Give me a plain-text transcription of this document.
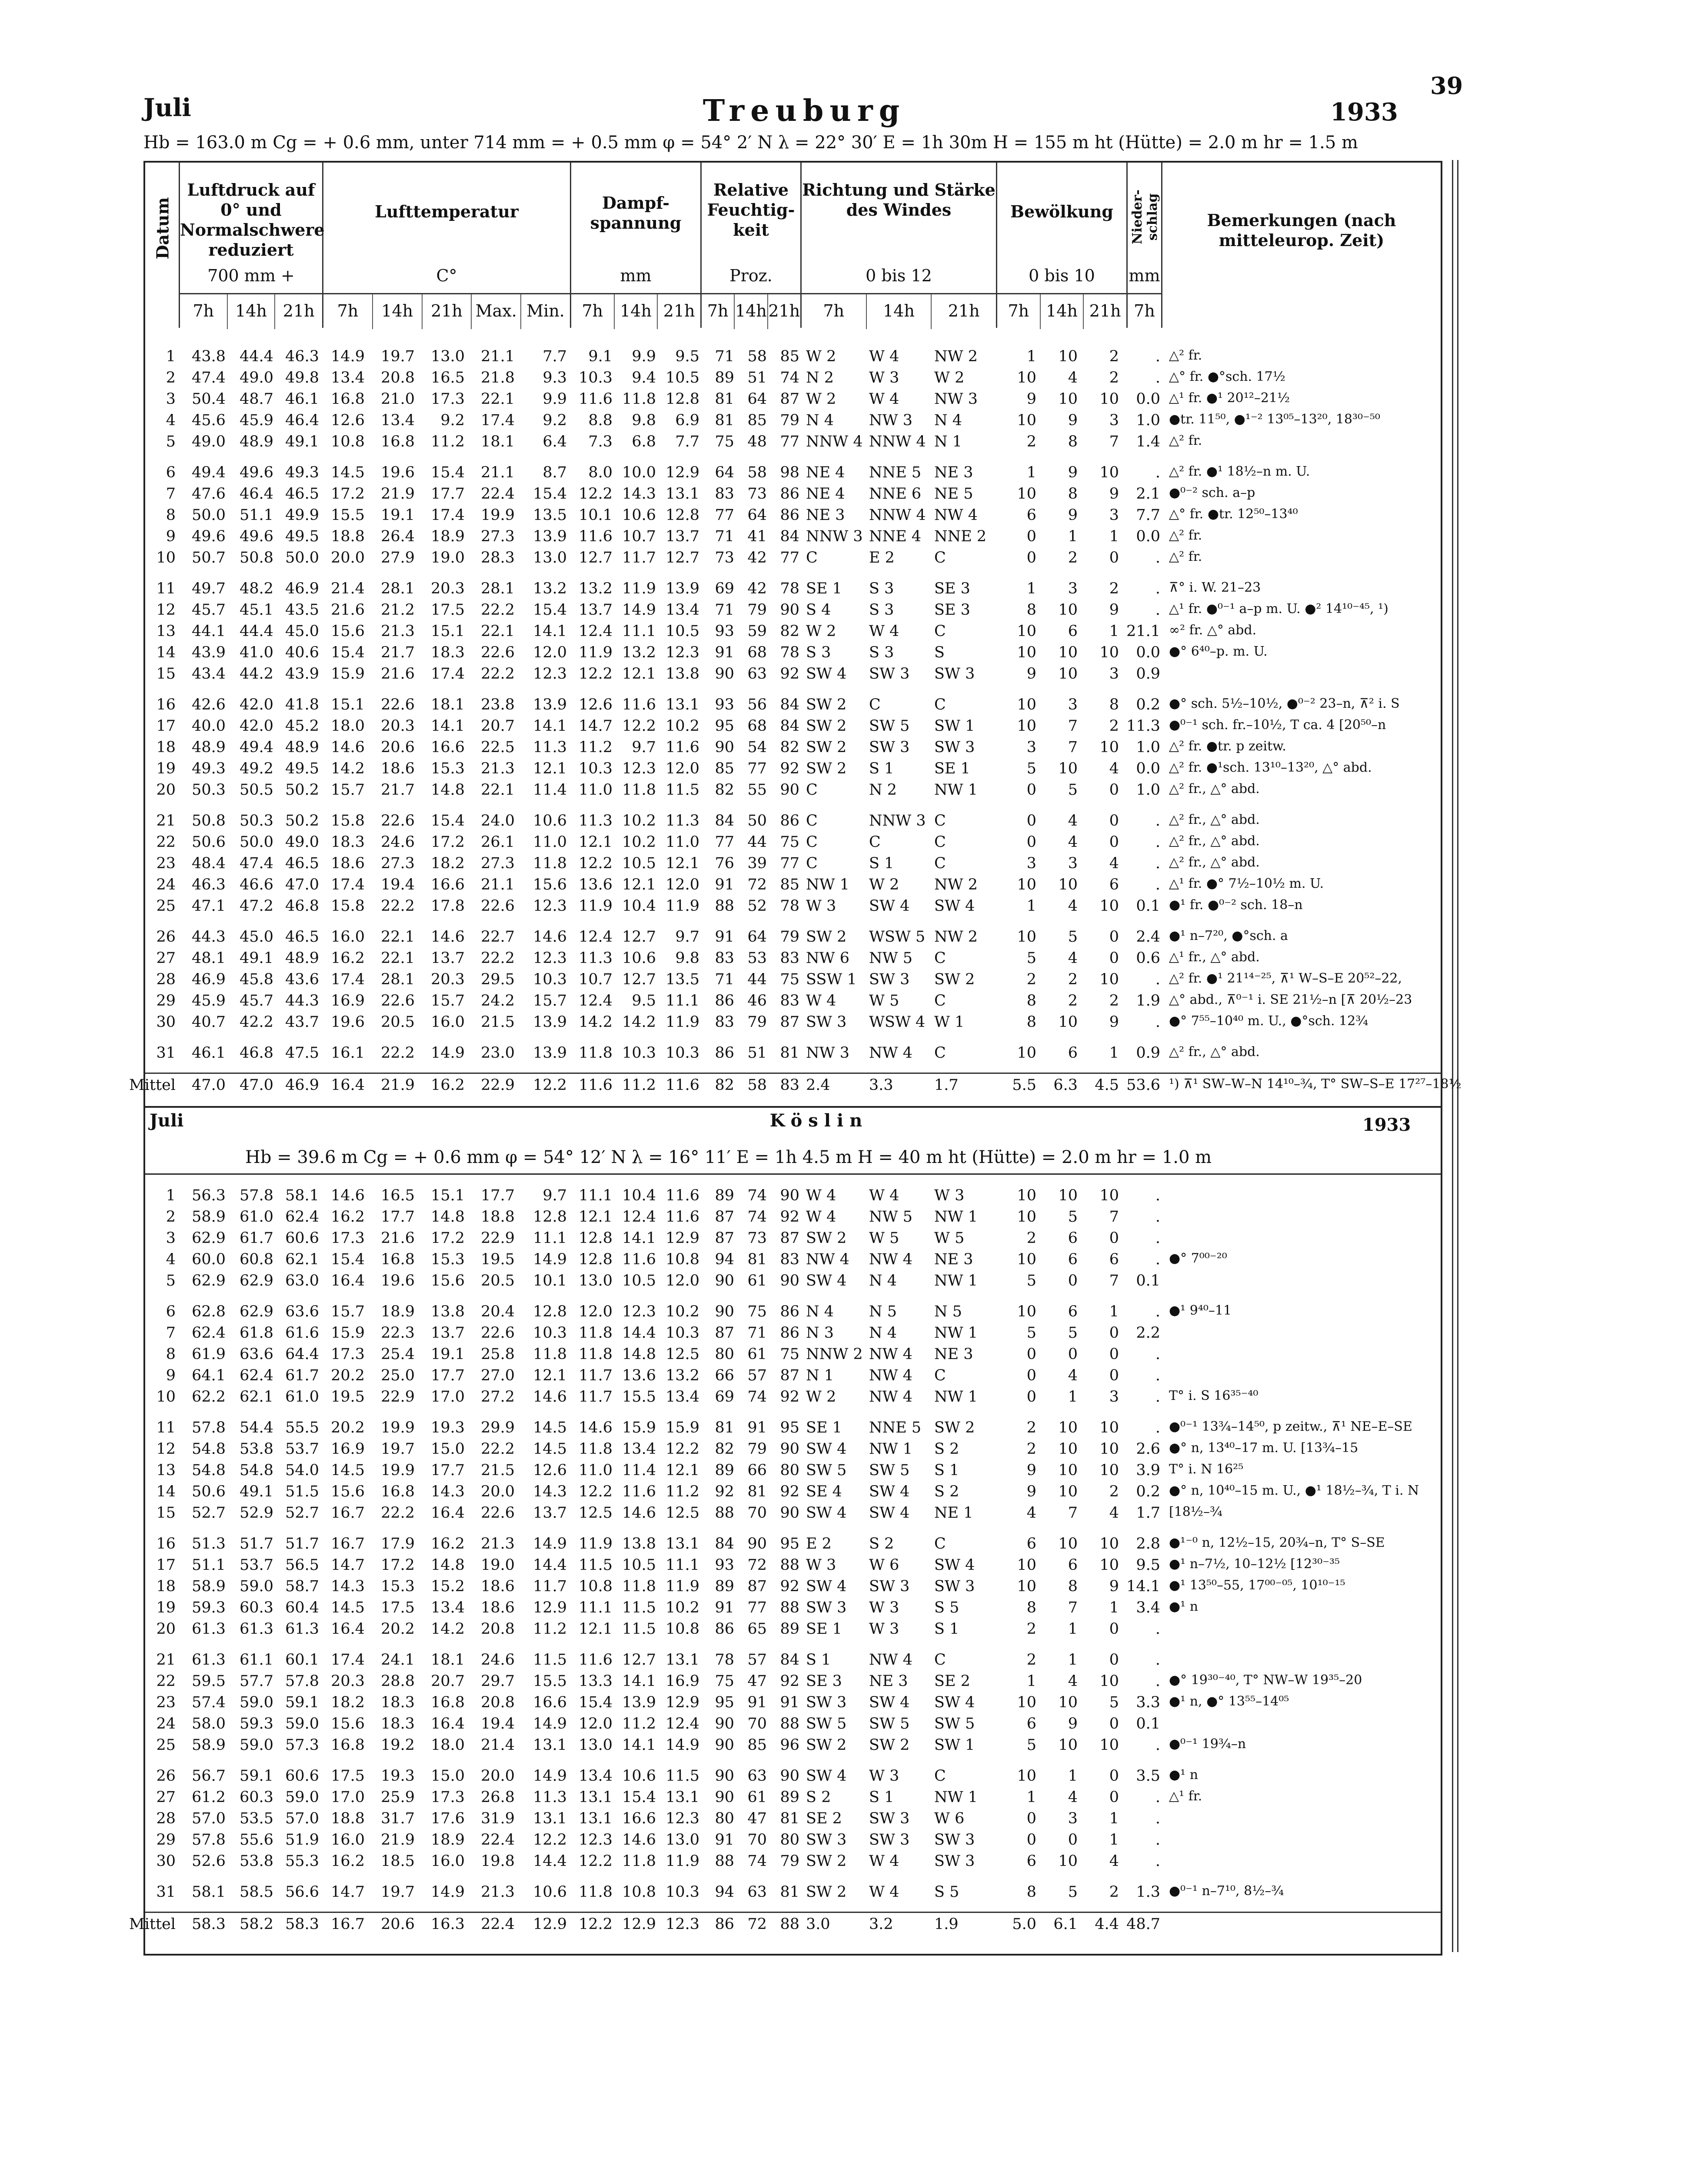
39
Juli	Treuburg	1933
Hb = 163.0 m Cg = + 0.6 mm, unter 714 mm = + 0.5 mm φ = 54° 2′ N λ = 22° 30′ E = 1h 30m H = 155 m ht (Hütte) = 2.0 m hr = 1.5 m
Datum
Luftdruck auf 0° und Normalschwere reduziert
700 mm +
7h	14h 21h
Lufttemperatur
C°
7h	14h	21h Max. Min.
Dampf-spannung
mm
7h	14h 21h
Relative Feuchtig-keit
Proz.
7h 14h 21h
Richtung und Stärke des Windes
0 bis 12
7h	14h	21h
Bewölkung
0 bis 10
7h	14h 21h
Nieder-schlag
mm
7h
Bemerkungen (nach mitteleurop. Zeit)
1 43.8 44.4 46.3 14.9 19.7 13.0 21.1 7.7 9.1 9.9 9.5 71 58 85 W 2 W 4 NW 2	1 10 2 . △² fr.
2 47.4 49.0 49.8 13.4 20.8 16.5 21.8 9.3 10.3 9.4 10.5 89 51 74 N 2 W 3 W 2	10 4 2 . △° fr. ●°sch. 17½
3 50.4 48.7 46.1 16.8 21.0 17.3 22.1 9.9 11.6 11.8 12.8 81 64 87 W 2 W 4 NW 3	9 10 10 0.0 △¹ fr. ●¹ 20¹²–21½
4 45.6 45.9 46.4 12.6 13.4 9.2 17.4 9.2 8.8 9.8 6.9 81 85 79 N 4 NW 3 N 4	10 9 3 1.0 ●tr. 11⁵⁰, ●¹⁻² 13⁰⁵–13²⁰, 18³⁰⁻⁵⁰
5 49.0 48.9 49.1 10.8 16.8 11.2 18.1 6.4 7.3 6.8 7.7 75 48 77 NNW 4 NNW 4 N 1	2 8 7 1.4 △² fr.
6 49.4 49.6 49.3 14.5 19.6 15.4 21.1 8.7 8.0 10.0 12.9 64 58 98 NE 4 NNE 5 NE 3	1 9 10 . △² fr. ●¹ 18½–n m. U.
7 47.6 46.4 46.5 17.2 21.9 17.7 22.4 15.4 12.2 14.3 13.1 83 73 86 NE 4 NNE 6 NE 5	10 8 9 2.1 ●⁰⁻² sch. a–p
8 50.0 51.1 49.9 15.5 19.1 17.4 19.9 13.5 10.1 10.6 12.8 77 64 86 NE 3 NNW 4 NW 4	6 9 3 7.7 △° fr. ●tr. 12⁵⁰–13⁴⁰
9 49.6 49.6 49.5 18.8 26.4 18.9 27.3 13.9 11.6 10.7 13.7 71 41 84 NNW 3 NNE 4 NNE 2	0 1 1 0.0 △² fr.
10 50.7 50.8 50.0 20.0 27.9 19.0 28.3 13.0 12.7 11.7 12.7 73 42 77 C	E 2	C	0 2 0 . △² fr.
11 49.7 48.2 46.9 21.4 28.1 20.3 28.1 13.2 13.2 11.9 13.9 69 42 78 SE 1 S 3	SE 3	1 3 2 . ⊼° i. W. 21–23
12 45.7 45.1 43.5 21.6 21.2 17.5 22.2 15.4 13.7 14.9 13.4 71 79 90 S 4	S 3	SE 3	8 10 9 . △¹ fr. ●⁰⁻¹ a–p m. U. ●² 14¹⁰⁻⁴⁵, ¹)
13 44.1 44.4 45.0 15.6 21.3 15.1 22.1 14.1 12.4 11.1 10.5 93 59 82 W 2 W 4 C	10 6 1 21.1 ∞² fr. △° abd.
14 43.9 41.0 40.6 15.4 21.7 18.3 22.6 12.0 11.9 13.2 12.3 91 68 78 S 3	S 3	S	10 10 10 0.0 ●° 6⁴⁰–p. m. U.
15 43.4 44.2 43.9 15.9 21.6 17.4 22.2 12.3 12.2 12.1 13.8 90 63 92 SW 4 SW 3 SW 3	9 10 3 0.9
16 42.6 42.0 41.8 15.1 22.6 18.1 23.8 13.9 12.6 11.6 13.1 93 56 84 SW 2 C	C	10 3 8 0.2 ●° sch. 5½–10½, ●⁰⁻² 23–n, ⊼² i. S
17 40.0 42.0 45.2 18.0 20.3 14.1 20.7 14.1 14.7 12.2 10.2 95 68 84 SW 2 SW 5 SW 1	10 7 2 11.3 ●⁰⁻¹ sch. fr.–10½, T ca. 4 [20⁵⁰–n
18 48.9 49.4 48.9 14.6 20.6 16.6 22.5 11.3 11.2 9.7 11.6 90 54 82 SW 2 SW 3 SW 3	3 7 10 1.0 △² fr. ●tr. p zeitw.
19 49.3 49.2 49.5 14.2 18.6 15.3 21.3 12.1 10.3 12.3 12.0 85 77 92 SW 2 S 1	SE 1	5 10 4 0.0 △² fr. ●¹sch. 13¹⁰–13²⁰, △° abd.
20 50.3 50.5 50.2 15.7 21.7 14.8 22.1 11.4 11.0 11.8 11.5 82 55 90 C	N 2 NW 1	0 5 0 1.0 △² fr., △° abd.
21 50.8 50.3 50.2 15.8 22.6 15.4 24.0 10.6 11.3 10.2 11.3 84 50 86 C	NNW 3 C	0 4 0 . △² fr., △° abd.
22 50.6 50.0 49.0 18.3 24.6 17.2 26.1 11.0 12.1 10.2 11.0 77 44 75 C	C	C	0 4 0 . △² fr., △° abd.
23 48.4 47.4 46.5 18.6 27.3 18.2 27.3 11.8 12.2 10.5 12.1 76 39 77 C	S 1	C	3 3 4 . △² fr., △° abd.
24 46.3 46.6 47.0 17.4 19.4 16.6 21.1 15.6 13.6 12.1 12.0 91 72 85 NW 1 W 2 NW 2	10 10 6 . △¹ fr. ●° 7½–10½ m. U.
25 47.1 47.2 46.8 15.8 22.2 17.8 22.6 12.3 11.9 10.4 11.9 88 52 78 W 3 SW 4 SW 4	1 4 10 0.1 ●¹ fr. ●⁰⁻² sch. 18–n
26 44.3 45.0 46.5 16.0 22.1 14.6 22.7 14.6 12.4 12.7 9.7 91 64 79 SW 2 WSW 5 NW 2	10 5 0 2.4 ●¹ n–7²⁰, ●°sch. a
27 48.1 49.1 48.9 16.2 22.1 13.7 22.2 12.3 11.3 10.6 9.8 83 53 83 NW 6 NW 5 C	5 4 0 0.6 △¹ fr., △° abd.
28 46.9 45.8 43.6 17.4 28.1 20.3 29.5 10.3 10.7 12.7 13.5 71 44 75 SSW 1 SW 3 SW 2	2 2 10 . △² fr. ●¹ 21¹⁴⁻²⁵, ⊼¹ W–S–E 20⁵²–22,
29 45.9 45.7 44.3 16.9 22.6 15.7 24.2 15.7 12.4 9.5 11.1 86 46 83 W 4 W 5 C	8 2 2 1.9 △° abd., ⊼⁰⁻¹ i. SE 21½–n [⊼ 20½–23
30 40.7 42.2 43.7 19.6 20.5 16.0 21.5 13.9 14.2 14.2 11.9 83 79 87 SW 3 WSW 4 W 1	8 10 9 . ●° 7⁵⁵–10⁴⁰ m. U., ●°sch. 12¾
31 46.1 46.8 47.5 16.1 22.2 14.9 23.0 13.9 11.8 10.3 10.3 86 51 81 NW 3 NW 4 C	10 6 1 0.9 △² fr., △° abd.
Mittel 47.0 47.0 46.9 16.4 21.9 16.2 22.9 12.2 11.6 11.2 11.6 82 58 83 2.4	3.3	1.7	5.5 6.3 4.5 53.6 ¹) ⊼¹ SW–W–N 14¹⁰–¾, T° SW–S–E 17²⁷–18½
Juli	Köslin	1933
Hb = 39.6 m Cg = + 0.6 mm φ = 54° 12′ N λ = 16° 11′ E = 1h 4.5 m H = 40 m ht (Hütte) = 2.0 m hr = 1.0 m
1 56.3 57.8 58.1 14.6 16.5 15.1 17.7 9.7 11.1 10.4 11.6 89 74 90 W 4 W 4 W 3	10 10 10 .
2 58.9 61.0 62.4 16.2 17.7 14.8 18.8 12.8 12.1 12.4 11.6 87 74 92 W 4 NW 5 NW 1	10 5 7 .
3 62.9 61.7 60.6 17.3 21.6 17.2 22.9 11.1 12.8 14.1 12.9 87 73 87 SW 2 W 5 W 5	2 6 0 .
4 60.0 60.8 62.1 15.4 16.8 15.3 19.5 14.9 12.8 11.6 10.8 94 81 83 NW 4 NW 4 NE 3	10 6 6 . ●° 7⁰⁰⁻²⁰
5 62.9 62.9 63.0 16.4 19.6 15.6 20.5 10.1 13.0 10.5 12.0 90 61 90 SW 4 N 4 NW 1	5 0 7 0.1
6 62.8 62.9 63.6 15.7 18.9 13.8 20.4 12.8 12.0 12.3 10.2 90 75 86 N 4 N 5 N 5	10 6 1 . ●¹ 9⁴⁰–11
7 62.4 61.8 61.6 15.9 22.3 13.7 22.6 10.3 11.8 14.4 10.3 87 71 86 N 3 N 4 NW 1	5 5 0 2.2
8 61.9 63.6 64.4 17.3 25.4 19.1 25.8 11.8 11.8 14.8 12.5 80 61 75 NNW 2 NW 4 NE 3	0 0 0 .
9 64.1 62.4 61.7 20.2 25.0 17.7 27.0 12.1 11.7 13.6 13.2 66 57 87 N 1 NW 4 C	0 4 0 .
10 62.2 62.1 61.0 19.5 22.9 17.0 27.2 14.6 11.7 15.5 13.4 69 74 92 W 2 NW 4 NW 1	0 1 3 . T° i. S 16³⁵⁻⁴⁰
11 57.8 54.4 55.5 20.2 19.9 19.3 29.9 14.5 14.6 15.9 15.9 81 91 95 SE 1 NNE 5 SW 2	2 10 10 . ●⁰⁻¹ 13¾–14⁵⁰, p zeitw., ⊼¹ NE–E–SE
12 54.8 53.8 53.7 16.9 19.7 15.0 22.2 14.5 11.8 13.4 12.2 82 79 90 SW 4 NW 1 S 2	2 10 10 2.6 ●° n, 13⁴⁰–17 m. U. [13¾–15
13 54.8 54.8 54.0 14.5 19.9 17.7 21.5 12.6 11.0 11.4 12.1 89 66 80 SW 5 SW 5 S 1	9 10 10 3.9 T° i. N 16²⁵
14 50.6 49.1 51.5 15.6 16.8 14.3 20.0 14.3 12.2 11.6 11.2 92 81 92 SE 4 SW 4 S 2	9 10 2 0.2 ●° n, 10⁴⁰–15 m. U., ●¹ 18½–¾, T i. N
15 52.7 52.9 52.7 16.7 22.2 16.4 22.6 13.7 12.5 14.6 12.5 88 70 90 SW 4 SW 4 NE 1	4 7 4 1.7 [18½–¾
16 51.3 51.7 51.7 16.7 17.9 16.2 21.3 14.9 11.9 13.8 13.1 84 90 95 E 2 S 2	C	6 10 10 2.8 ●¹⁻⁰ n, 12½–15, 20¾–n, T° S–SE
17 51.1 53.7 56.5 14.7 17.2 14.8 19.0 14.4 11.5 10.5 11.1 93 72 88 W 3 W 6 SW 4	10 6 10 9.5 ●¹ n–7½, 10–12½ [12³⁰⁻³⁵
18 58.9 59.0 58.7 14.3 15.3 15.2 18.6 11.7 10.8 11.8 11.9 89 87 92 SW 4 SW 3 SW 3	10 8 9 14.1 ●¹ 13⁵⁰–55, 17⁰⁰⁻⁰⁵, 10¹⁰⁻¹⁵
19 59.3 60.3 60.4 14.5 17.5 13.4 18.6 12.9 11.1 11.5 10.2 91 77 88 SW 3 W 3 S 5	8 7 1 3.4 ●¹ n
20 61.3 61.3 61.3 16.4 20.2 14.2 20.8 11.2 12.1 11.5 10.8 86 65 89 SE 1 W 3 S 1	2 1 0 .
21 61.3 61.1 60.1 17.4 24.1 18.1 24.6 11.5 11.6 12.7 13.1 78 57 84 S 1	NW 4 C	2 1 0 .
22 59.5 57.7 57.8 20.3 28.8 20.7 29.7 15.5 13.3 14.1 16.9 75 47 92 SE 3 NE 3 SE 2	1 4 10 . ●° 19³⁰⁻⁴⁰, T° NW–W 19³⁵–20
23 57.4 59.0 59.1 18.2 18.3 16.8 20.8 16.6 15.4 13.9 12.9 95 91 91 SW 3 SW 4 SW 4	10 10 5 3.3 ●¹ n, ●° 13⁵⁵–14⁰⁵
24 58.0 59.3 59.0 15.6 18.3 16.4 19.4 14.9 12.0 11.2 12.4 90 70 88 SW 5 SW 5 SW 5	6 9 0 0.1
25 58.9 59.0 57.3 16.8 19.2 18.0 21.4 13.1 13.0 14.1 14.9 90 85 96 SW 2 SW 2 SW 1	5 10 10 . ●⁰⁻¹ 19¾–n
26 56.7 59.1 60.6 17.5 19.3 15.0 20.0 14.9 13.4 10.6 11.5 90 63 90 SW 4 W 3 C	10 1 0 3.5 ●¹ n
27 61.2 60.3 59.0 17.0 25.9 17.3 26.8 11.3 13.1 15.4 13.1 90 61 89 S 2	S 1	NW 1	1 4 0 . △¹ fr.
28 57.0 53.5 57.0 18.8 31.7 17.6 31.9 13.1 13.1 16.6 12.3 80 47 81 SE 2 SW 3 W 6	0 3 1 .
29 57.8 55.6 51.9 16.0 21.9 18.9 22.4 12.2 12.3 14.6 13.0 91 70 80 SW 3 SW 3 SW 3	0 0 1 .
30 52.6 53.8 55.3 16.2 18.5 16.0 19.8 14.4 12.2 11.8 11.9 88 74 79 SW 2 W 4 SW 3	6 10 4 .
31 58.1 58.5 56.6 14.7 19.7 14.9 21.3 10.6 11.8 10.8 10.3 94 63 81 SW 2 W 4 S 5	8 5 2 1.3 ●⁰⁻¹ n–7¹⁰, 8½–¾
Mittel 58.3 58.2 58.3 16.7 20.6 16.3 22.4 12.9 12.2 12.9 12.3 86 72 88 3.0	3.2	1.9	5.0 6.1 4.4 48.7
